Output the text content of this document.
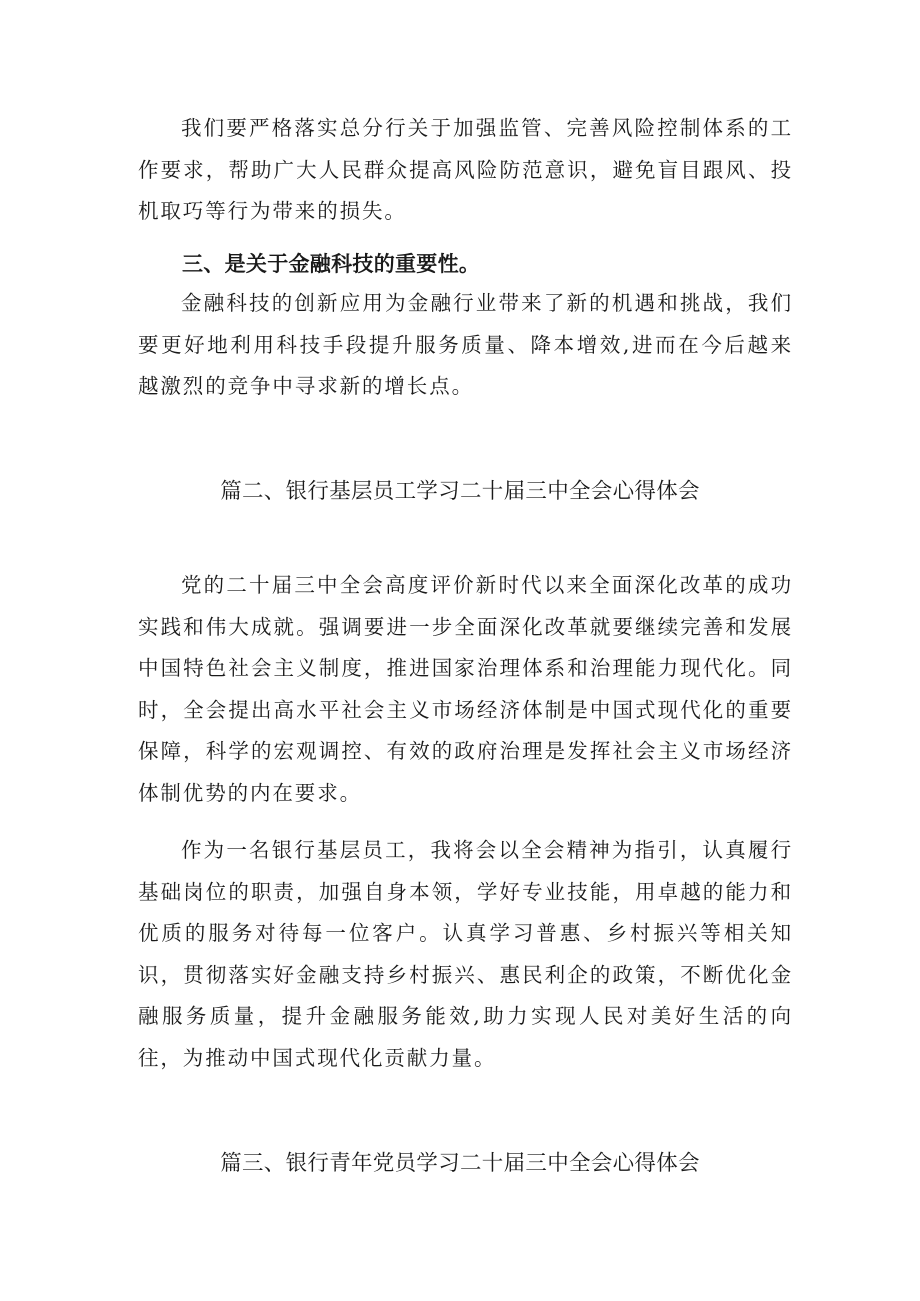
我们要严格落实总分行关于加强监管、完善风险控制体系的工作要求，帮助广大人民群众提高风险防范意识，避免盲目跟风、投机取巧等行为带来的损失。

三、是关于金融科技的重要性。

金融科技的创新应用为金融行业带来了新的机遇和挑战，我们要更好地利用科技手段提升服务质量、降本增效,进而在今后越来越激烈的竞争中寻求新的增长点。

篇二、银行基层员工学习二十届三中全会心得体会

党的二十届三中全会高度评价新时代以来全面深化改革的成功实践和伟大成就。强调要进一步全面深化改革就要继续完善和发展中国特色社会主义制度，推进国家治理体系和治理能力现代化。同时，全会提出高水平社会主义市场经济体制是中国式现代化的重要保障，科学的宏观调控、有效的政府治理是发挥社会主义市场经济体制优势的内在要求。

作为一名银行基层员工，我将会以全会精神为指引，认真履行基础岗位的职责，加强自身本领，学好专业技能，用卓越的能力和优质的服务对待每一位客户。认真学习普惠、乡村振兴等相关知识，贯彻落实好金融支持乡村振兴、惠民利企的政策，不断优化金融服务质量，提升金融服务能效,助力实现人民对美好生活的向往，为推动中国式现代化贡献力量。

篇三、银行青年党员学习二十届三中全会心得体会
